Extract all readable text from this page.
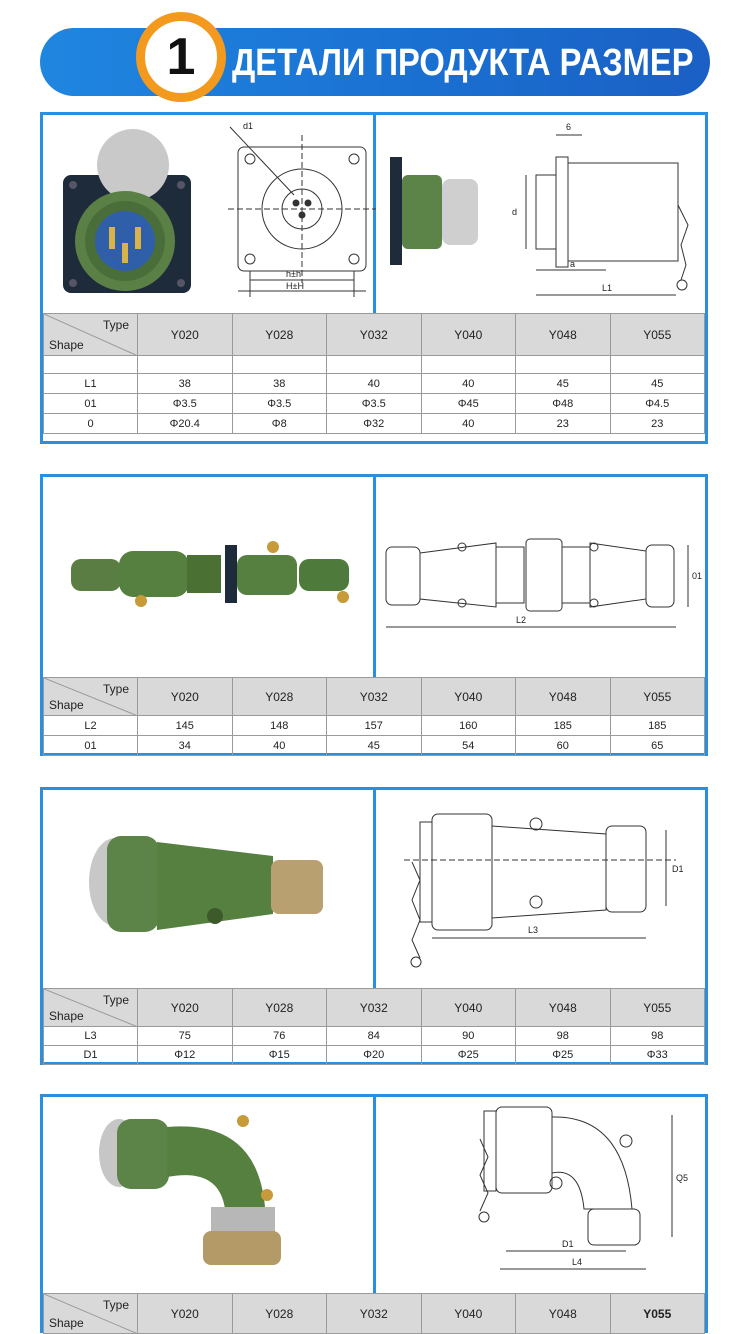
1 ДЕТАЛИ ПРОДУКТА РАЗМЕР
d1
h±h
H±H
6
d
a
L1
Type
Shape	Y020	Y028	Y032	Y040	Y048	Y055

L1	38	38	40	40	45	45
01	Φ3.5	Φ3.5	Φ3.5	Φ45	Φ48	Φ4.5
0	Φ20.4	Φ8	Φ32	40	23	23
L2
01
Type
Shape	Y020	Y028	Y032	Y040	Y048	Y055
L2	145	148	157	160	185	185
01	34	40	45	54	60	65
L3
D1
Type
Shape	Y020	Y028	Y032	Y040	Y048	Y055
L3	75	76	84	90	98	98
D1	Φ12	Φ15	Φ20	Φ25	Φ25	Φ33
D1
L4
Q5
Type
Shape
	Y020	Y028	Y032	Y040	Y048	Y055
